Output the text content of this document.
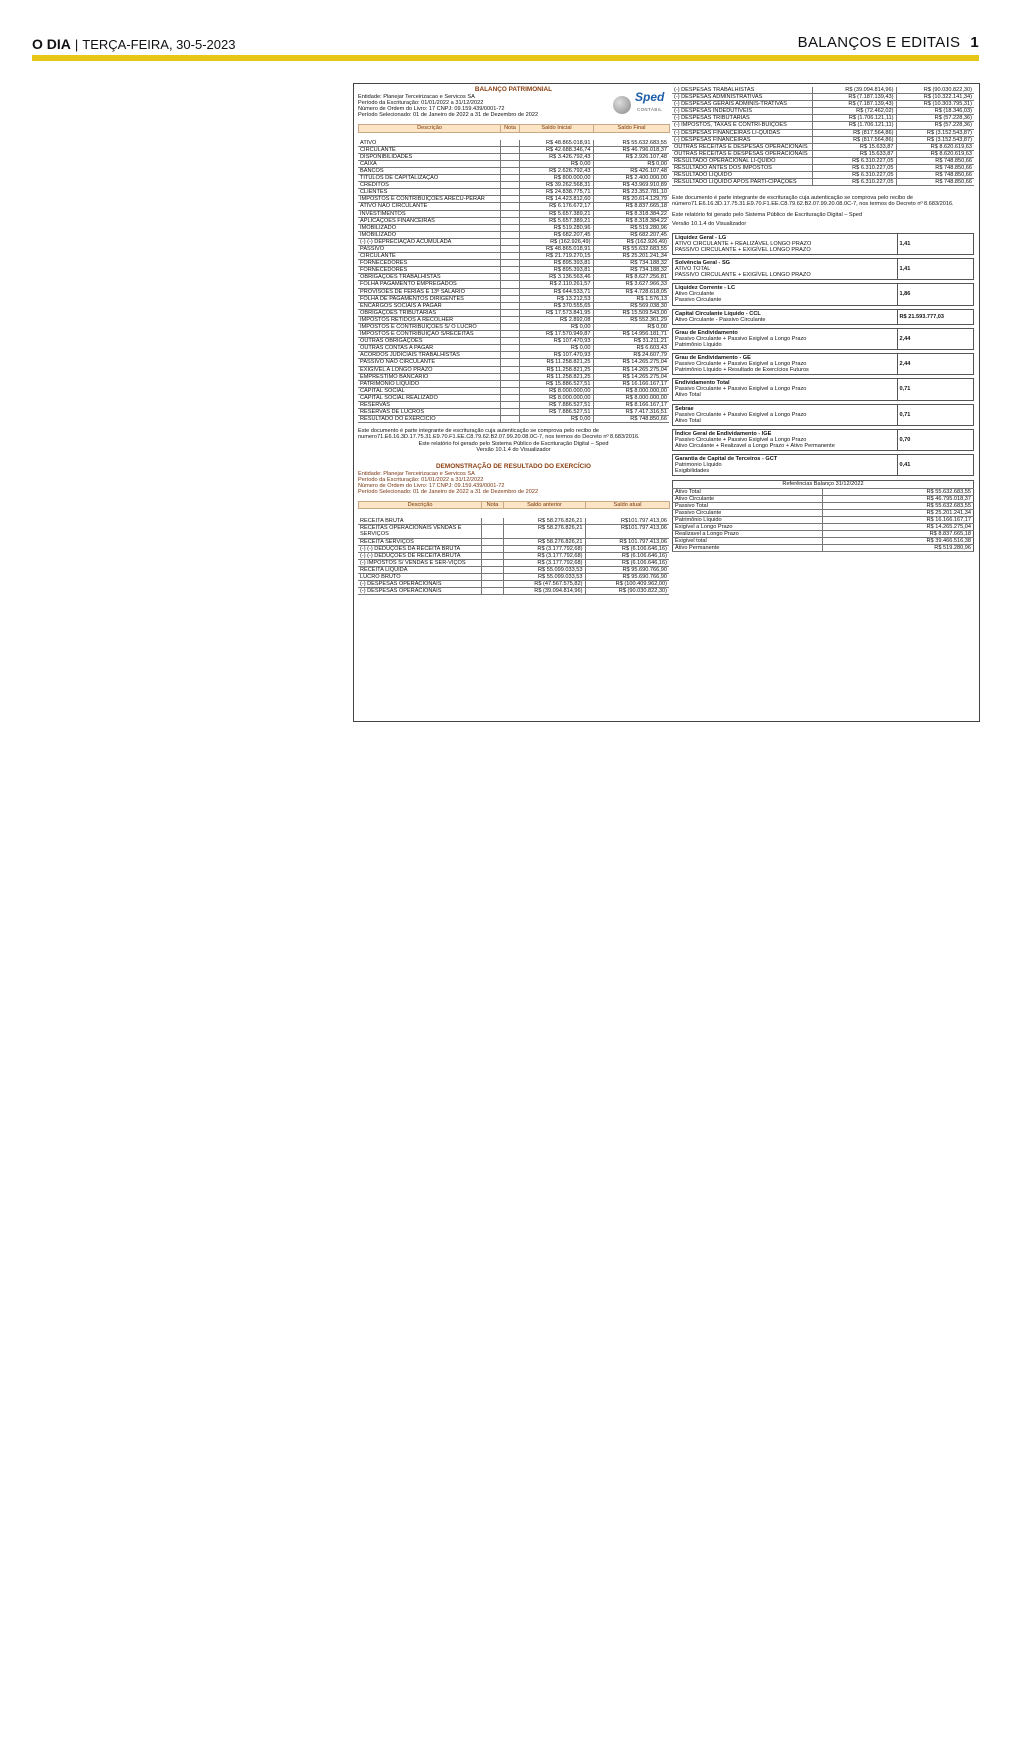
O DIA | TERÇA-FEIRA, 30-5-2023	BALANÇOS E EDITAIS 1
Sped
CONTÁBIL
BALANÇO PATRIMONIAL
Entidade: Planejar Terceirizacao e Servicos SA
Período da Escrituração: 01/01/2022 a 31/12/2022
Número de Ordem do Livro: 17 CNPJ: 09.159.439/0001-72
Período Selecionado: 01 de Janeiro de 2022 a 31 de Dezembro de 2022
Descrição	Nota	Saldo Inicial	Saldo Final
ATIVO		R$ 48.865.018,91	R$ 55.632.683,55
CIRCULANTE		R$ 42.688.346,74	R$ 46.796.018,37
DISPONIBILIDADES		R$ 3.426.792,43	R$ 2.926.107,48
CAIXA		R$ 0,00	R$ 0,00
BANCOS		R$ 2.626.792,43	R$ 426.107,48
TÍTULOS DE CAPITALIZAÇÃO		R$ 800.000,00	R$ 2.400.000,00
CRÉDITOS		R$ 39.262.568,31	R$ 43.969.910,89
CLIENTES		R$ 24.838.775,71	R$ 23.352.781,10
IMPOSTOS E CONTRIBUIÇÕES ARECU-PERAR		R$ 14.423.812,60	R$ 20.614.129,79
ATIVO NÃO CIRCULANTE		R$ 6.176.672,17	R$ 8.837.665,18
INVESTIMENTOS		R$ 5.657.389,21	R$ 8.318.384,22
APLICAÇÕES FINANCEIRAS		R$ 5.657.389,21	R$ 8.318.384,22
IMOBILIZADO		R$ 519.280,96	R$ 519.280,96
IMOBILIZADO		R$ 682.207,45	R$ 682.207,45
(-) (-) DEPRECIAÇÃO ACUMULADA		R$ (162.926,49)	R$ (162.926,49)
PASSIVO		R$ 48.865.018,91	R$ 55.632.683,55
CIRCULANTE		R$ 21.719.270,15	R$ 25.201.241,34
FORNECEDORES		R$ 895.393,81	R$ 734.188,32
FORNECEDORES		R$ 895.393,81	R$ 734.188,32
OBRIGAÇÕES TRABALHISTAS		R$ 3.136.563,46	R$ 8.627.256,81
FOLHA PAGAMENTO EMPREGADOS		R$ 2.110.261,57	R$ 3.627.966,33
PROVISÕES DE FÉRIAS E 13º SALÁRIO		R$ 644.533,71	R$ 4.728.618,05
FOLHA DE PAGAMENTOS DIRIGENTES		R$ 13.212,53	R$ 1.576,13
ENCARGOS SOCIAIS A PAGAR		R$ 370.555,65	R$ 569.038,30
OBRIGAÇÕES TRIBUTÁRIAS		R$ 17.573.841,95	R$ 15.509.543,00
IMPOSTOS RETIDOS A RECOLHER		R$ 2.892,08	R$ 552.361,29
IMPOSTOS E CONTRIBUIÇÕES S/ O LUCRO		R$ 0,00	R$ 0,00
IMPOSTOS E CONTRIBUIÇÃO S/RECEITAS		R$ 17.570.949,87	R$ 14.956.181,71
OUTRAS OBRIGAÇÕES		R$ 107.470,93	R$ 31.211,21
OUTRAS CONTAS A PAGAR		R$ 0,00	R$ 6.603,43
ACORDOS JUDICIAIS TRABALHISTAS		R$ 107.470,93	R$ 24.607,79
PASSIVO NÃO CIRCULANTE		R$ 11.258.821,25	R$ 14.265.275,04
EXIGÍVEL A LONGO PRAZO		R$ 11.258.821,25	R$ 14.265.275,04
EMPRÉSTIMO BANCÁRIO		R$ 11.258.821,25	R$ 14.265.275,04
PATRIMÔNIO LÍQUIDO		R$ 15.886.527,51	R$ 16.166.167,17
CAPITAL SOCIAL		R$ 8.000.000,00	R$ 8.000.000,00
CAPITAL SOCIAL REALIZADO		R$ 8.000.000,00	R$ 8.000.000,00
RESERVAS		R$ 7.886.527,51	R$ 8.166.167,17
RESERVAS DE LUCROS		R$ 7.886.527,51	R$ 7.417.316,51
RESULTADO DO EXERCÍCIO		R$ 0,00	R$ 748.850,66
Este documento é parte integrante de escrituração cuja autenticação se comprova pelo recibo de numero71.E6.16.3D.17.75.31.E9.70.F1.EE.C8.79.62.B2.07.99.20.08.0C-7, nos termos do Decreto nº 8.683/2016.
Este relatório foi gerado pelo Sistema Público de Escrituração Digital – Sped
Versão 10.1.4 do Visualizador
DEMONSTRAÇÃO DE RESULTADO DO EXERCÍCIO
Entidade: Planejar Terceirizacao e Servicos SA
Período da Escrituração: 01/01/2022 a 31/12/2022
Número de Ordem do Livro: 17 CNPJ: 09.159.439/0001-72
Período Selecionado: 01 de Janeiro de 2022 a 31 de Dezembro de 2022
Descrição	Nota	Saldo anterior	Saldo atual
RECEITA BRUTA		R$ 58.276.826,21	R$101.797.413,06
RECEITAS OPERACIONAIS VENDAS E SERVIÇOS		R$ 58.276.826,21	R$101.797.413,06
RECEITA SERVIÇOS		R$ 58.276.826,21	R$ 101.797.413,06
(-) (-) DEDUÇÕES DA RECEITA BRUTA		R$ (3.177.792,68)	R$ (6.106.646,16)
(-) (-) DEDUÇÕES DE RECEITA BRUTA		R$ (3.177.792,68)	R$ (6.106.646,16)
(-) IMPOSTOS S/ VENDAS E SER-VIÇOS		R$ (3.177.792,68)	R$ (6.106.646,16)
RECEITA LÍQUIDA		R$ 55.099.033,53	R$ 95.690.766,90
LUCRO BRUTO		R$ 55.099.033,53	R$ 95.690.766,90
(-) DESPESAS OPERACIONAIS		R$ (47.567.575,82)	R$ (100.409.962,00)
(-) DESPESAS OPERACIONAIS		R$ (39.094.814,96)	R$ (90.030.822,30)
(-) DESPESAS TRABALHISTAS	R$ (39.094.814,96)	R$ (90.030.822,30)
(-) DESPESAS ADMINISTRATIVAS	R$ (7.187.139,43)	R$ (10.322.141,34)
(-) DESPESAS GERAIS ADMINIS-TRATIVAS	R$ (7.187.139,43)	R$ (10.303.795,31)
(-) DESPESAS INDEDUTÍVEIS	R$ (72.462,02)	R$ (18.346,03)
(-) DESPESAS TRIBUTÁRIAS	R$ (1.706.121,11)	R$ (57.228,36)
(-) IMPOSTOS, TAXAS E CONTRI-BUIÇÕES	R$ (1.706.121,11)	R$ (57.228,36)
(-) DESPESAS FINANCEIRAS LÍ-QUIDAS	R$ (817.564,86)	R$ (3.152.543,87)
(-) DESPESAS FINANCEIRAS	R$ (817.564,86)	R$ (3.152.543,87)
OUTRAS RECEITAS E DESPESAS OPERACIONAIS	R$ 15.633,87	R$ 8.620.619,63
OUTRAS RECEITAS E DESPESAS OPERACIONAIS	R$ 15.633,87	R$ 8.620.619,63
RESULTADO OPERACIONAL LÍ-QUIDO	R$ 6.310.227,05	R$ 748.850,66
RESULTADO ANTES DOS IMPOSTOS	R$ 6.310.227,05	R$ 748.850,66
RESULTADO LÍQUIDO	R$ 6.310.227,05	R$ 748.850,66
RESULTADO LÍQUIDO APÓS PARTI-CIPAÇÕES	R$ 6.310.227,05	R$ 748.850,66
Este documento é parte integrante de escrituração cuja autenticação se comprova pelo recibo de número71.E6.16.3D.17.75.31.E9.70.F1.EE.C8.79.62.B2.07.99.20.08.0C-7, nos termos do Decreto nº 8.683/2016.
Este relatório foi gerado pelo Sistema Público de Escrituração Digital – Sped
Versão 10.1.4 do Visualizador
Liquidez Geral - LG
ATIVO CIRCULANTE + REALIZÁVEL LONGO PRAZO
PASSIVO CIRCULANTE + EXIGÍVEL LONGO PRAZO
	1,41
Solvência Geral - SG
ATIVO TOTAL
PASSIVO CIRCULANTE + EXIGÍVEL LONGO PRAZO
	1,41
Liquidez Corrente - LC
Ativo Circulante
Passivo Circulante
	1,86
Capital Circulante Líquido - CCL
Ativo Circulante - Passivo Circulante
	R$ 21.593.777,03
Grau de Endividamento
Passivo Circulante + Passivo Exigível a Longo Prazo
Patrimônio Líquido
	2,44
Grau de Endividamento - GE
Passivo Circulante + Passivo Exigível a Longo Prazo
Patrimônio Líquido + Resultado de Exercícios Futuros
	2,44
Endividamento Total
Passivo Circulante + Passivo Exigível a Longo Prazo
Ativo Total
	0,71
Sebrae
Passivo Circulante + Passivo Exigível a Longo Prazo
Ativo Total
	0,71
Índice Geral de Endividamento - IGE
Passivo Circulante + Passivo Exigível a Longo Prazo
Ativo Circulante + Realizavel a Longo Prazo + Ativo Permanente
	0,70
Garantia de Capital de Terceiros - GCT
Patrimonio Líquido
Exigibilidades
	0,41
Referências Balanço 31/12/2022	
Ativo Total	R$ 55.632.683,55
Ativo Circulante	R$ 46.795.018,37
Passivo Total	R$ 55.632.683,55
Passivo Circulante	R$ 25.201.241,34
Patrimônio Líquido	R$ 16.166.167,17
Exigível a Longo Prazo	R$ 14.265.275,04
Realizavel a Longo Prazo	R$ 8.837.665,18
Exigível total	R$ 39.466.516,38
Ativo Permanente	R$ 519.280,96
